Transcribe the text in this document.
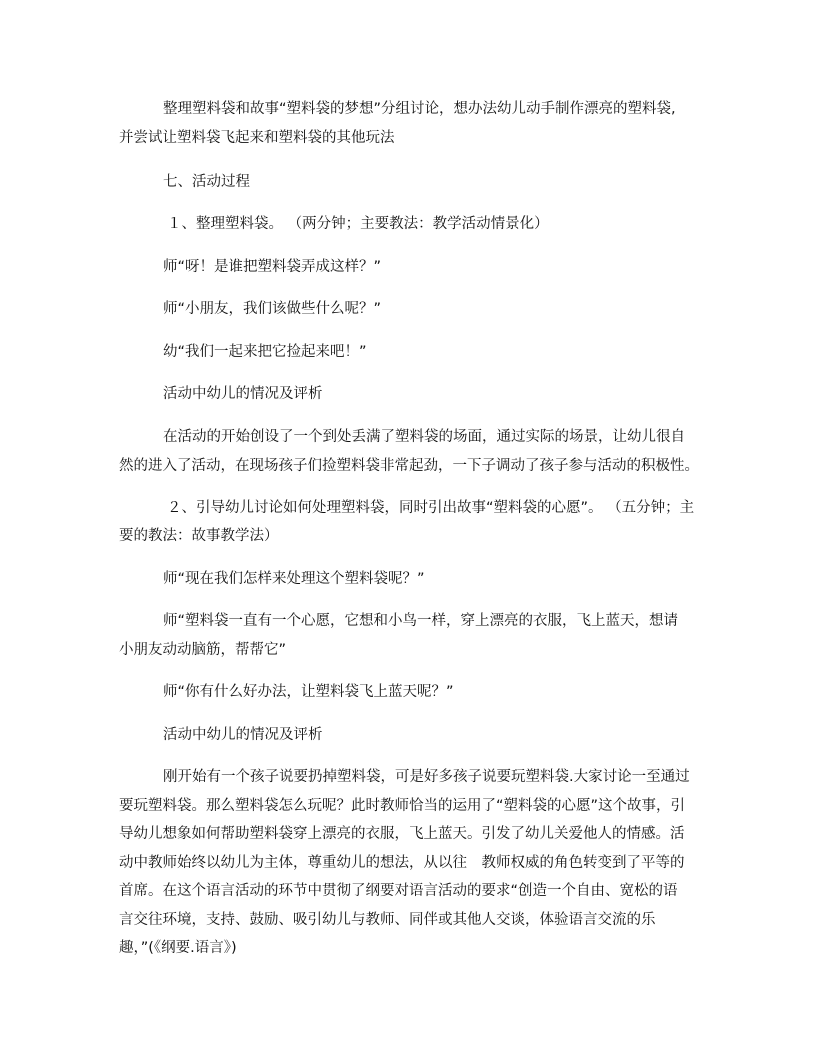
整理塑料袋和故事“塑料袋的梦想”分组讨论，想办法幼儿动手制作漂亮的塑料袋,
并尝试让塑料袋飞起来和塑料袋的其他玩法
七、活动过程
１、整理塑料袋。 （两分钟；主要教法：教学活动情景化）
师“呀！是谁把塑料袋弄成这样？”
师“小朋友，我们该做些什么呢？”
幼“我们一起来把它捡起来吧！”
活动中幼儿的情况及评析
在活动的开始创设了一个到处丢满了塑料袋的场面，通过实际的场景，让幼儿很自
然的进入了活动，在现场孩子们捡塑料袋非常起劲，一下子调动了孩子参与活动的积极性。
２、引导幼儿讨论如何处理塑料袋，同时引出故事“塑料袋的心愿”。 （五分钟；主
要的教法：故事教学法）
师“现在我们怎样来处理这个塑料袋呢？”
师“塑料袋一直有一个心愿，它想和小鸟一样，穿上漂亮的衣服，飞上蓝天，想请
小朋友动动脑筋，帮帮它”
师“你有什么好办法，让塑料袋飞上蓝天呢？”
活动中幼儿的情况及评析
刚开始有一个孩子说要扔掉塑料袋，可是好多孩子说要玩塑料袋.大家讨论一至通过
要玩塑料袋。那么塑料袋怎么玩呢？此时教师恰当的运用了“塑料袋的心愿”这个故事，引
导幼儿想象如何帮助塑料袋穿上漂亮的衣服，飞上蓝天。引发了幼儿关爱他人的情感。活
动中教师始终以幼儿为主体，尊重幼儿的想法，从以往　教师权威的角色转变到了平等的
首席。在这个语言活动的环节中贯彻了纲要对语言活动的要求“创造一个自由、宽松的语
言交往环境，支持、鼓励、吸引幼儿与教师、同伴或其他人交谈，体验语言交流的乐
趣，”(《纲要.语言》)
